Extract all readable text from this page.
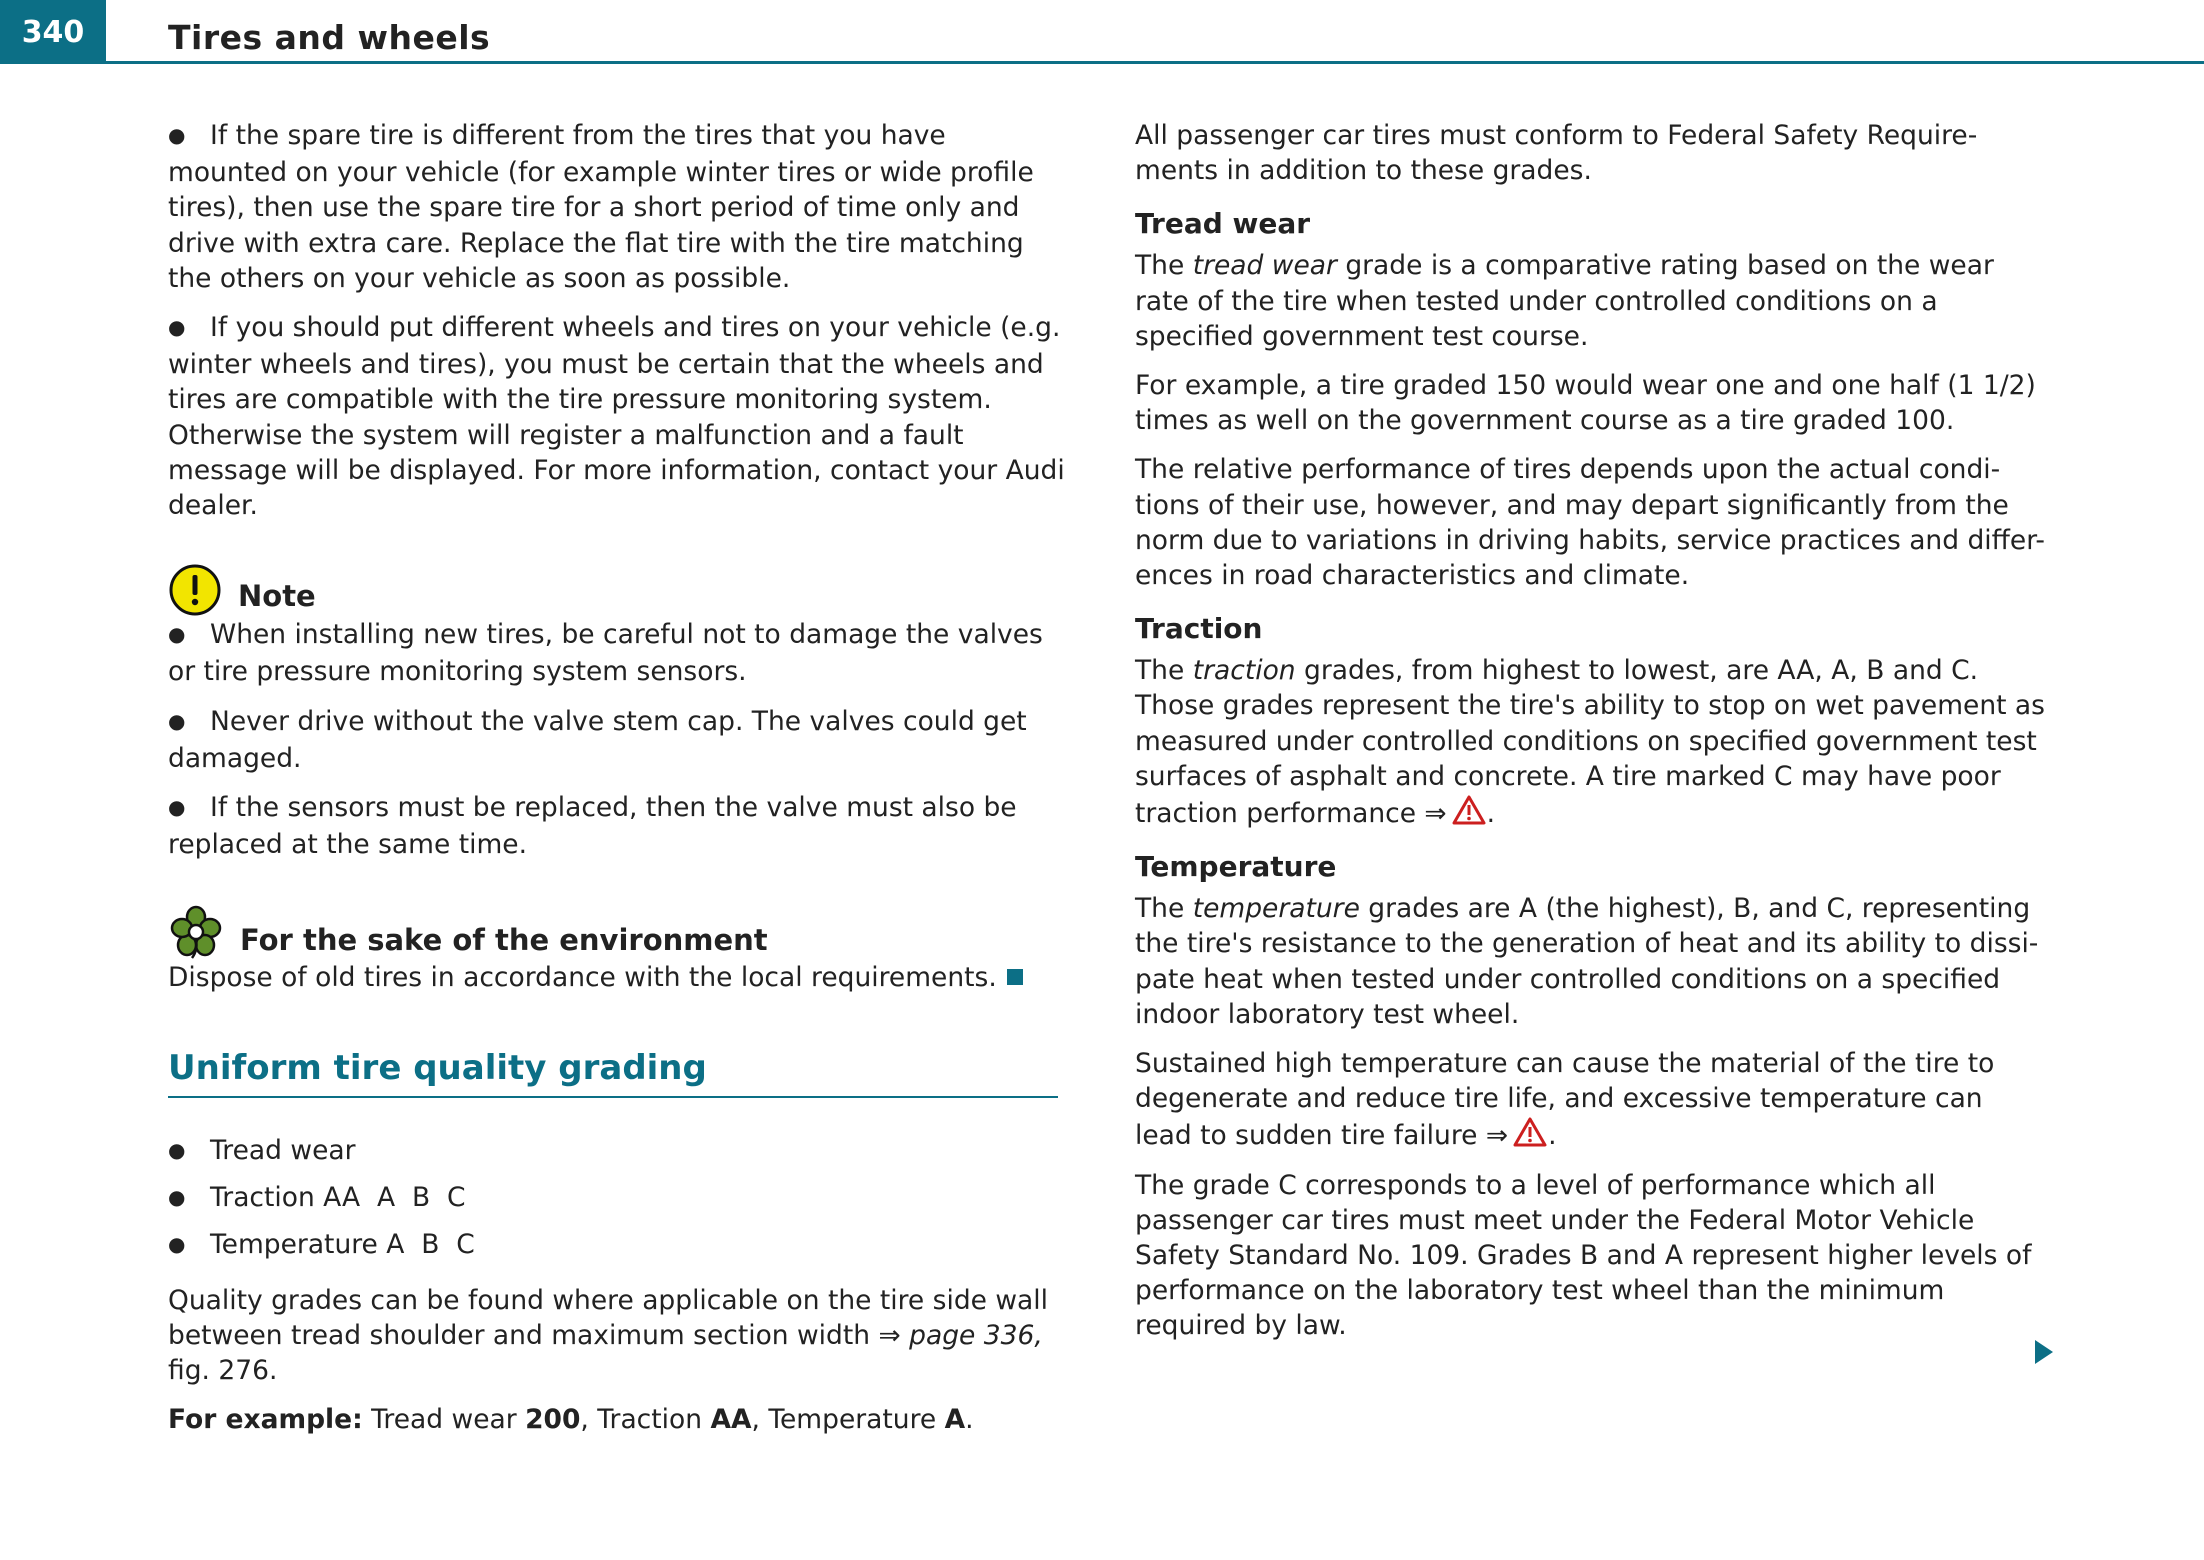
340	Tires and wheels

●If the spare tire is different from the tires that you have mounted on your vehicle (for example winter tires or wide profile tires), then use the spare tire for a short period of time only and drive with extra care. Replace the flat tire with the tire matching the others on your vehicle as soon as possible.

●If you should put different wheels and tires on your vehicle (e.g. winter wheels and tires), you must be certain that the wheels and tires are compatible with the tire pressure monitoring system. Otherwise the system will register a malfunction and a fault message will be displayed. For more information, contact your Audi dealer.

Note

●When installing new tires, be careful not to damage the valves or tire pressure monitoring system sensors.

●Never drive without the valve stem cap. The valves could get damaged.

●If the sensors must be replaced, then the valve must also be replaced at the same time.

For the sake of the environment

Dispose of old tires in accordance with the local requirements.

Uniform tire quality grading

●Tread wear

●Traction AA  A  B  C

●Temperature A  B  C

Quality grades can be found where applicable on the tire side wall between tread shoulder and maximum section width ⇒ page 336, fig. 276.

For example: Tread wear 200, Traction AA, Temperature A.

All passenger car tires must conform to Federal Safety Require-ments in addition to these grades.

Tread wear

The tread wear grade is a comparative rating based on the wear rate of the tire when tested under controlled conditions on a specified government test course.

For example, a tire graded 150 would wear one and one half (1 1/2) times as well on the government course as a tire graded 100.

The relative performance of tires depends upon the actual condi-tions of their use, however, and may depart significantly from the norm due to variations in driving habits, service practices and differ-ences in road characteristics and climate.

Traction

The traction grades, from highest to lowest, are AA, A, B and C. Those grades represent the tire's ability to stop on wet pavement as measured under controlled conditions on specified government test surfaces of asphalt and concrete. A tire marked C may have poor traction performance ⇒ .

Temperature

The temperature grades are A (the highest), B, and C, representing the tire's resistance to the generation of heat and its ability to dissi-pate heat when tested under controlled conditions on a specified indoor laboratory test wheel.

Sustained high temperature can cause the material of the tire to degenerate and reduce tire life, and excessive temperature can lead to sudden tire failure ⇒ .

The grade C corresponds to a level of performance which all passenger car tires must meet under the Federal Motor Vehicle Safety Standard No. 109. Grades B and A represent higher levels of performance on the laboratory test wheel than the minimum required by law.
